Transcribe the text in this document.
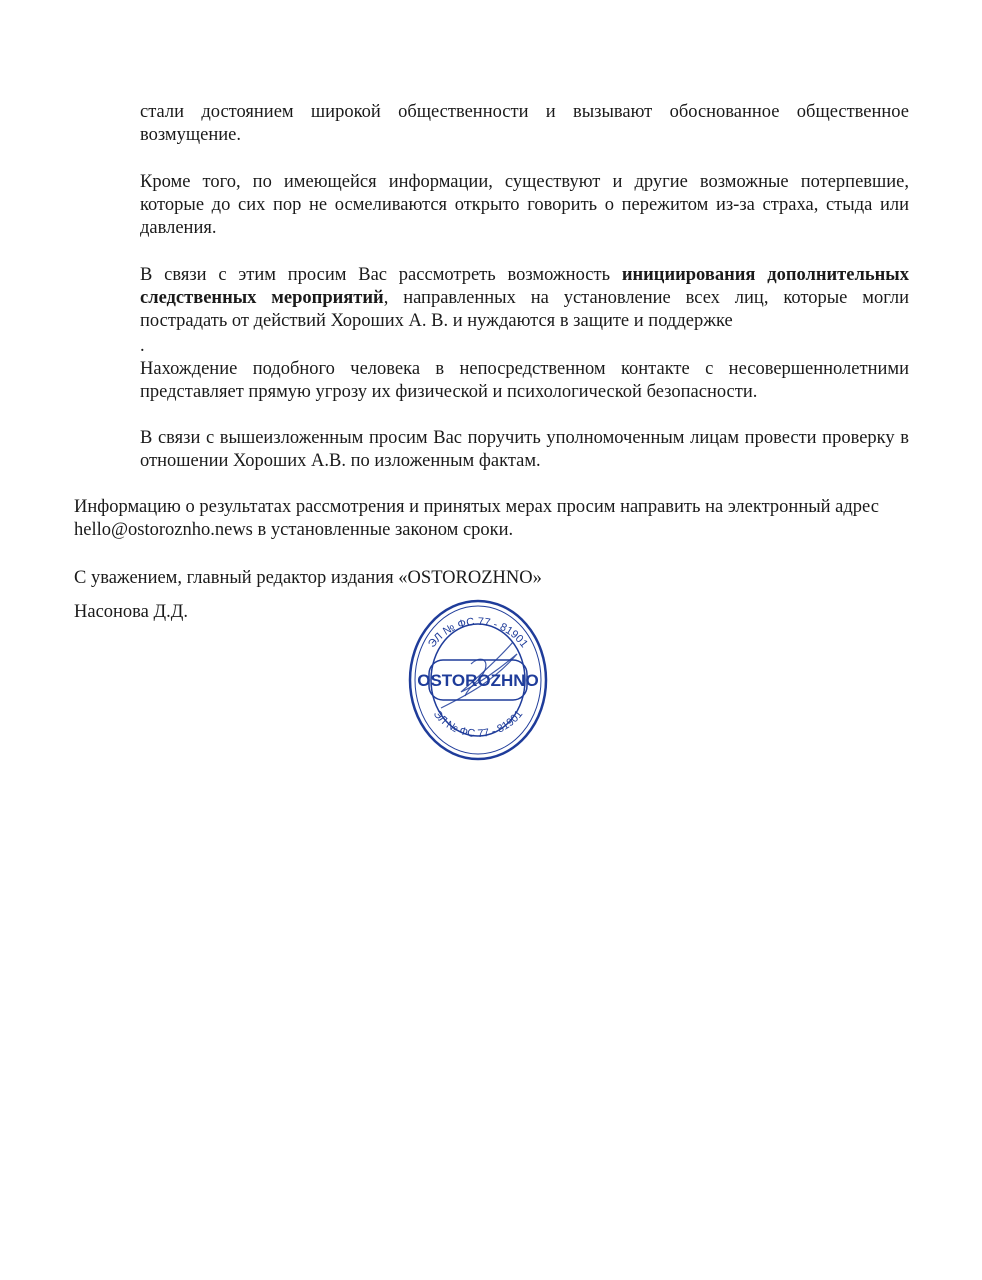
стали достоянием широкой общественности и вызывают обоснованное общественное возмущение.
Кроме того, по имеющейся информации, существуют и другие возможные потерпевшие, которые до сих пор не осмеливаются открыто говорить о пережитом из-за страха, стыда или давления.
В связи с этим просим Вас рассмотреть возможность инициирования дополнительных следственных мероприятий, направленных на установление всех лиц, которые могли пострадать от действий Хороших А. В. и нуждаются в защите и поддержке
.
Нахождение подобного человека в непосредственном контакте с несовершеннолетними представляет прямую угрозу их физической и психологической безопасности.
В связи с вышеизложенным просим Вас поручить уполномоченным лицам провести проверку в отношении Хороших А.В. по изложенным фактам.
Информацию о результатах рассмотрения и принятых мерах просим направить на электронный адрес hello@ostoroznho.news в установленные законом сроки.
С уважением, главный редактор издания «OSTOROZHNO»
Насонова Д.Д.
ЭЛ № ФС 77 - 81901
ЭЛ № ФС 77 - 81901
OSTOROZHNO
